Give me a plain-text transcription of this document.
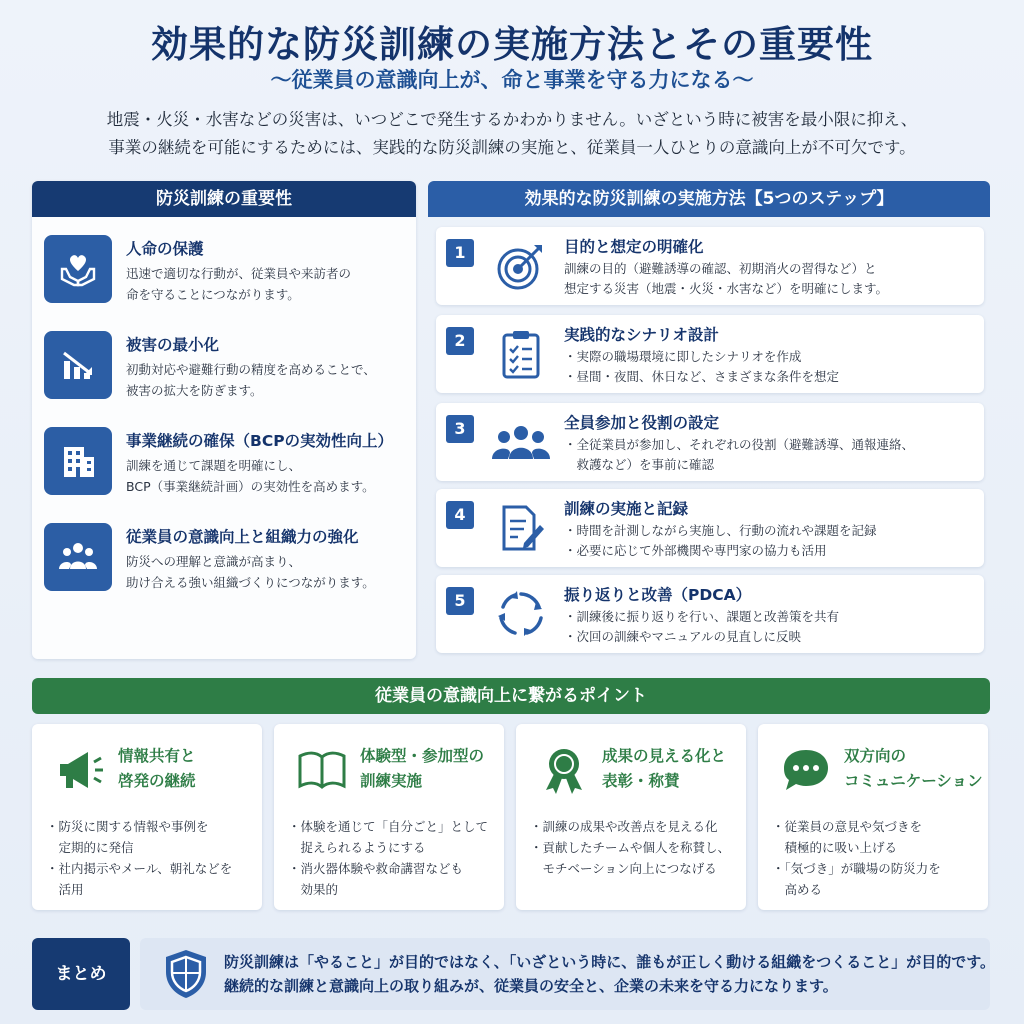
効果的な防災訓練の実施方法とその重要性
〜従業員の意識向上が、命と事業を守る力になる〜
地震・火災・水害などの災害は、いつどこで発生するかわかりません。いざという時に被害を最小限に抑え、
事業の継続を可能にするためには、実践的な防災訓練の実施と、従業員一人ひとりの意識向上が不可欠です。
防災訓練の重要性
人命の保護
迅速で適切な行動が、従業員や来訪者の
命を守ることにつながります。
被害の最小化
初動対応や避難行動の精度を高めることで、
被害の拡大を防ぎます。
事業継続の確保（BCPの実効性向上）
訓練を通じて課題を明確にし、
BCP（事業継続計画）の実効性を高めます。
従業員の意識向上と組織力の強化
防災への理解と意識が高まり、
助け合える強い組織づくりにつながります。
効果的な防災訓練の実施方法【5つのステップ】
1	目的と想定の明確化
訓練の目的（避難誘導の確認、初期消火の習得など）と
想定する災害（地震・火災・水害など）を明確にします。
2	実践的なシナリオ設計
・実際の職場環境に即したシナリオを作成
・昼間・夜間、休日など、さまざまな条件を想定
3	全員参加と役割の設定
・全従業員が参加し、それぞれの役割（避難誘導、通報連絡、
　救護など）を事前に確認
4	訓練の実施と記録
・時間を計測しながら実施し、行動の流れや課題を記録
・必要に応じて外部機関や専門家の協力も活用
5	振り返りと改善（PDCA）
・訓練後に振り返りを行い、課題と改善策を共有
・次回の訓練やマニュアルの見直しに反映
従業員の意識向上に繋がるポイント
情報共有と
啓発の継続
・防災に関する情報や事例を
　定期的に発信
・社内掲示やメール、朝礼などを
　活用
体験型・参加型の
訓練実施
・体験を通じて「自分ごと」として
　捉えられるようにする
・消火器体験や救命講習なども
　効果的
成果の見える化と
表彰・称賛
・訓練の成果や改善点を見える化
・貢献したチームや個人を称賛し、
　モチベーション向上につなげる
双方向の
コミュニケーション
・従業員の意見や気づきを
　積極的に吸い上げる
・「気づき」が職場の防災力を
　高める
まとめ
防災訓練は「やること」が目的ではなく、「いざという時に、誰もが正しく動ける組織をつくること」が目的です。
継続的な訓練と意識向上の取り組みが、従業員の安全と、企業の未来を守る力になります。
